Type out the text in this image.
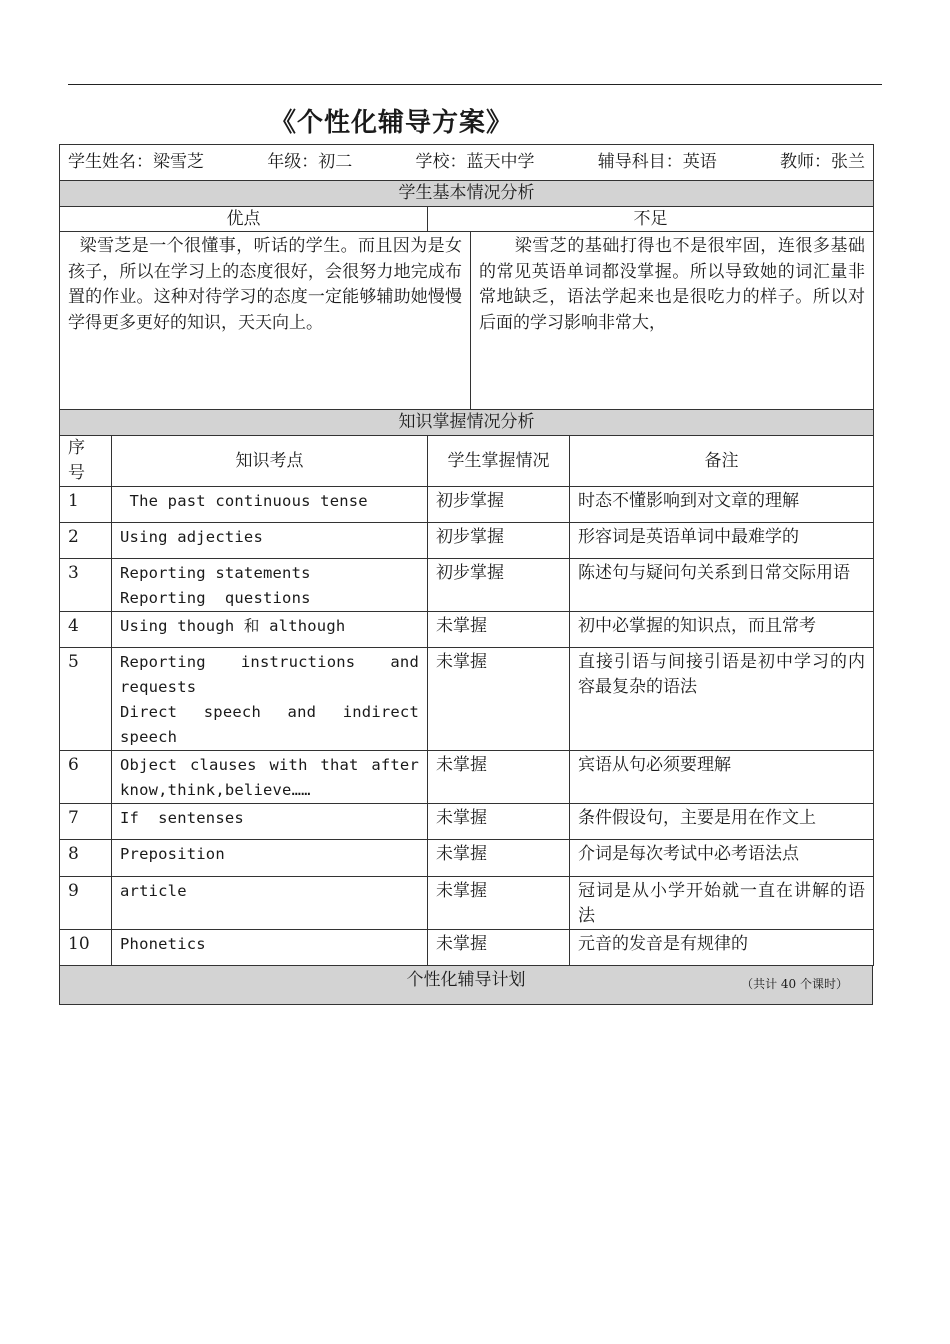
《个性化辅导方案》
学生姓名：梁雪芝	年级：初二	学校：蓝天中学	辅导科目：英语	教师：张兰

学生基本情况分析
优点	不足
梁雪芝是一个很懂事，听话的学生。而且因为是女孩子，所以在学习上的态度很好，会很努力地完成布置的作业。这种对待学习的态度一定能够辅助她慢慢学得更多更好的知识，天天向上。	梁雪芝的基础打得也不是很牢固，连很多基础的常见英语单词都没掌握。所以导致她的词汇量非常地缺乏，语法学起来也是很吃力的样子。所以对后面的学习影响非常大，
知识掌握情况分析			

序
号	知识考点	学生掌握情况	备注
1	The past continuous tense	初步掌握	时态不懂影响到对文章的理解
2	Using adjecties	初步掌握	形容词是英语单词中最难学的
3	Reporting statements
Reporting  questions	初步掌握	陈述句与疑问句关系到日常交际用语
4	Using though 和 although	未掌握	初中必掌握的知识点，而且常考
5	Reporting instructions and
requests
Direct speech and indirect
speech	未掌握	直接引语与间接引语是初中学习的内容最复杂的语法
6	Object clauses with that after
know,think,believe……	未掌握	宾语从句必须要理解
7	If  sentenses	未掌握	条件假设句，主要是用在作文上
8	Preposition	未掌握	介词是每次考试中必考语法点
9	article	未掌握	冠词是从小学开始就一直在讲解的语法
10	Phonetics	未掌握	元音的发音是有规律的
个性化辅导计划	（共计 40 个课时）
